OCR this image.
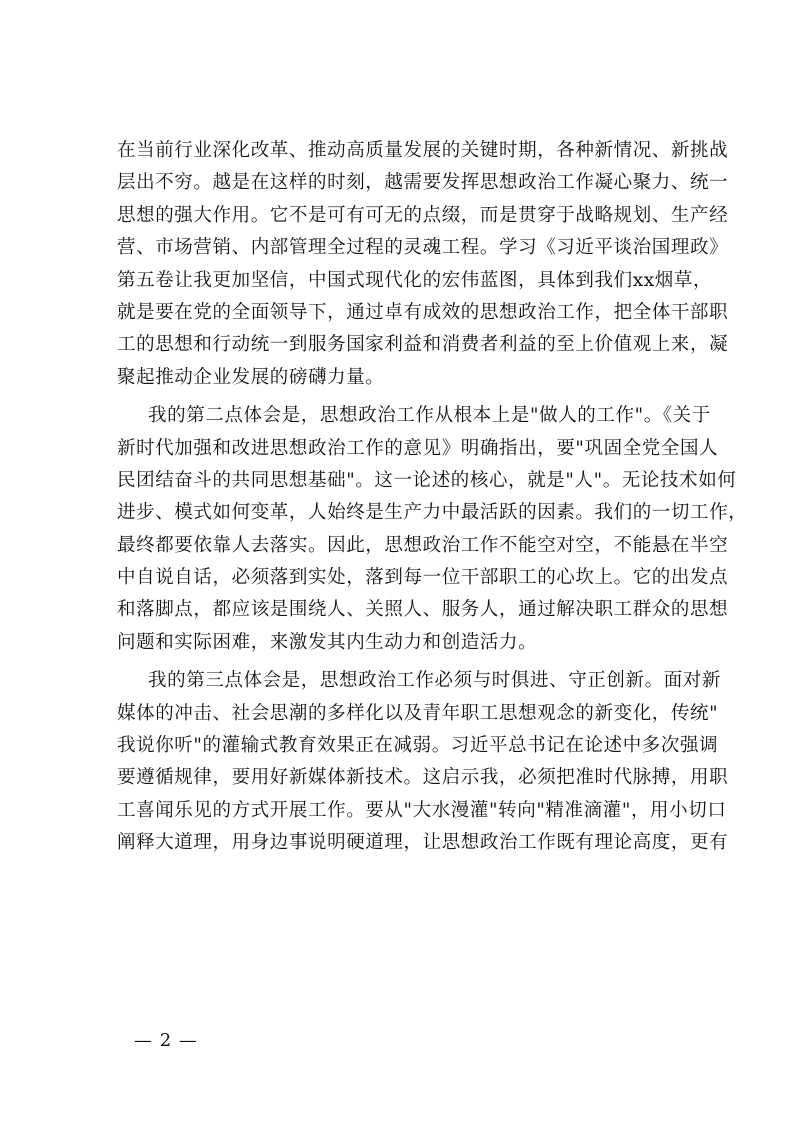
在当前行业深化改革、推动高质量发展的关键时期，各种新情况、新挑战
层出不穷。越是在这样的时刻，越需要发挥思想政治工作凝心聚力、统一
思想的强大作用。它不是可有可无的点缀，而是贯穿于战略规划、生产经
营、市场营销、内部管理全过程的灵魂工程。学习《习近平谈治国理政》
第五卷让我更加坚信，中国式现代化的宏伟蓝图，具体到我们xx烟草，
就是要在党的全面领导下，通过卓有成效的思想政治工作，把全体干部职
工的思想和行动统一到服务国家利益和消费者利益的至上价值观上来，凝
聚起推动企业发展的磅礴力量。
我的第二点体会是，思想政治工作从根本上是"做人的工作"。《关于
新时代加强和改进思想政治工作的意见》明确指出，要"巩固全党全国人
民团结奋斗的共同思想基础"。这一论述的核心，就是"人"。无论技术如何
进步、模式如何变革，人始终是生产力中最活跃的因素。我们的一切工作，
最终都要依靠人去落实。因此，思想政治工作不能空对空，不能悬在半空
中自说自话，必须落到实处，落到每一位干部职工的心坎上。它的出发点
和落脚点，都应该是围绕人、关照人、服务人，通过解决职工群众的思想
问题和实际困难，来激发其内生动力和创造活力。
我的第三点体会是，思想政治工作必须与时俱进、守正创新。面对新
媒体的冲击、社会思潮的多样化以及青年职工思想观念的新变化，传统"
我说你听"的灌输式教育效果正在减弱。习近平总书记在论述中多次强调
要遵循规律，要用好新媒体新技术。这启示我，必须把准时代脉搏，用职
工喜闻乐见的方式开展工作。要从"大水漫灌"转向"精准滴灌"，用小切口
阐释大道理，用身边事说明硬道理，让思想政治工作既有理论高度，更有
— 2 —
